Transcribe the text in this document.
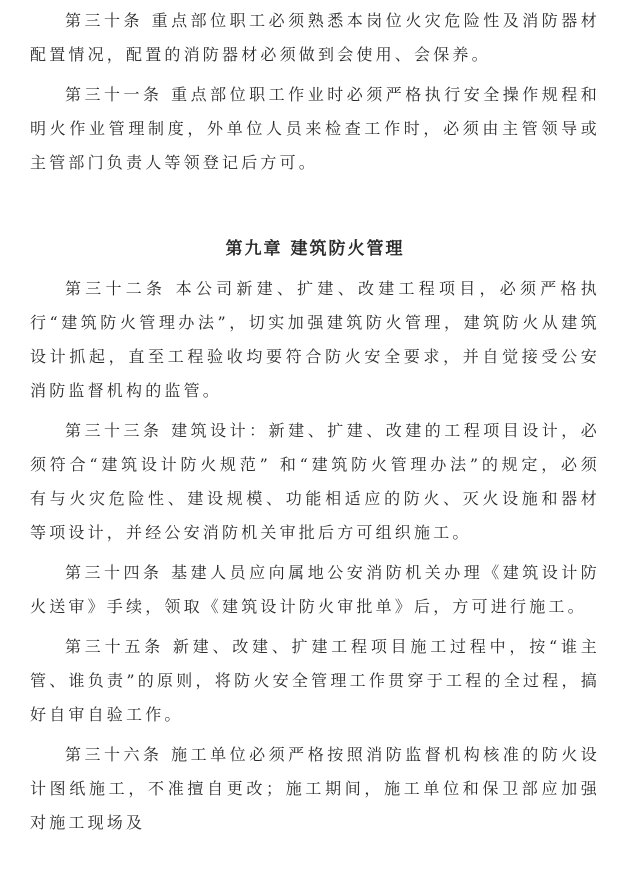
第三十条 重点部位职工必须熟悉本岗位火灾危险性及消防器材配置情况，配置的消防器材必须做到会使用、会保养。

第三十一条 重点部位职工作业时必须严格执行安全操作规程和明火作业管理制度，外单位人员来检查工作时，必须由主管领导或主管部门负责人等领登记后方可。

第九章 建筑防火管理

第三十二条 本公司新建、扩建、改建工程项目，必须严格执行“建筑防火管理办法”，切实加强建筑防火管理，建筑防火从建筑设计抓起，直至工程验收均要符合防火安全要求，并自觉接受公安消防监督机构的监管。

第三十三条 建筑设计：新建、扩建、改建的工程项目设计，必须符合“建筑设计防火规范” 和“建筑防火管理办法”的规定，必须有与火灾危险性、建设规模、功能相适应的防火、灭火设施和器材等项设计，并经公安消防机关审批后方可组织施工。

第三十四条 基建人员应向属地公安消防机关办理《建筑设计防火送审》手续，领取《建筑设计防火审批单》后，方可进行施工。

第三十五条 新建、改建、扩建工程项目施工过程中，按“谁主管、谁负责”的原则，将防火安全管理工作贯穿于工程的全过程，搞好自审自验工作。

第三十六条 施工单位必须严格按照消防监督机构核准的防火设计图纸施工，不准擅自更改；施工期间，施工单位和保卫部应加强对施工现场及
